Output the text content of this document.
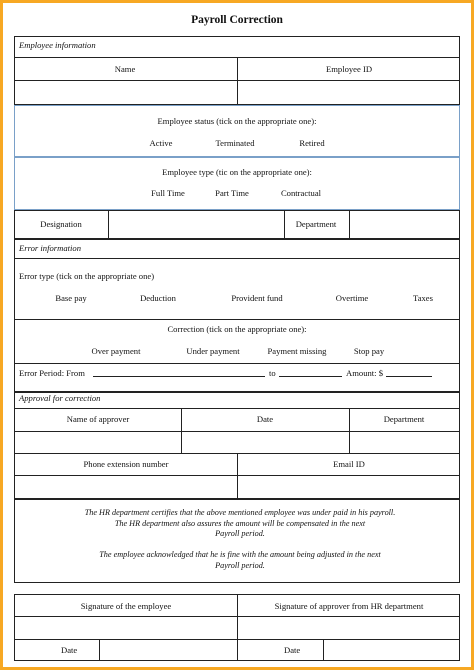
Payroll Correction
Employee information
Name	Employee ID
Employee status (tick on the appropriate one):
Active	Terminated	Retired
Employee type (tic on the appropriate one):
Full Time	Part Time	Contractual
Designation	Department
Error information
Error type (tick on the appropriate one)
Base pay	Deduction	Provident fund	Overtime	Taxes
Correction (tick on the appropriate one):
Over payment	Under payment	Payment missing	Stop pay
Error Period: From	to	Amount: $
Approval for correction
Name of approver	Date	Department
Phone extension number	Email ID
The HR department certifies that the above mentioned employee was under paid in his payroll.
The HR department also assures the amount will be compensated in the next
Payroll period.
The employee acknowledged that he is fine with the amount being adjusted in the next
Payroll period.
Signature of the employee	Signature of approver from HR department
Date	Date
